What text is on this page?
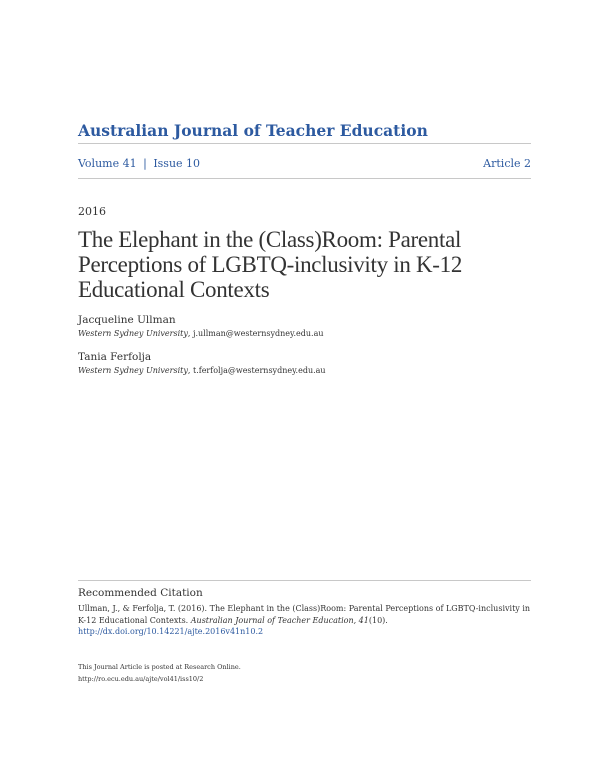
Australian Journal of Teacher Education
Volume 41 | Issue 10	Article 2
2016
The Elephant in the (Class)Room: Parental Perceptions of LGBTQ-inclusivity in K-12 Educational Contexts
Jacqueline Ullman
Western Sydney University, j.ullman@westernsydney.edu.au
Tania Ferfolja
Western Sydney University, t.ferfolja@westernsydney.edu.au
Recommended Citation
Ullman, J., & Ferfolja, T. (2016). The Elephant in the (Class)Room: Parental Perceptions of LGBTQ-inclusivity in K-12 Educational Contexts. Australian Journal of Teacher Education, 41(10).
http://dx.doi.org/10.14221/ajte.2016v41n10.2
This Journal Article is posted at Research Online.
http://ro.ecu.edu.au/ajte/vol41/iss10/2
